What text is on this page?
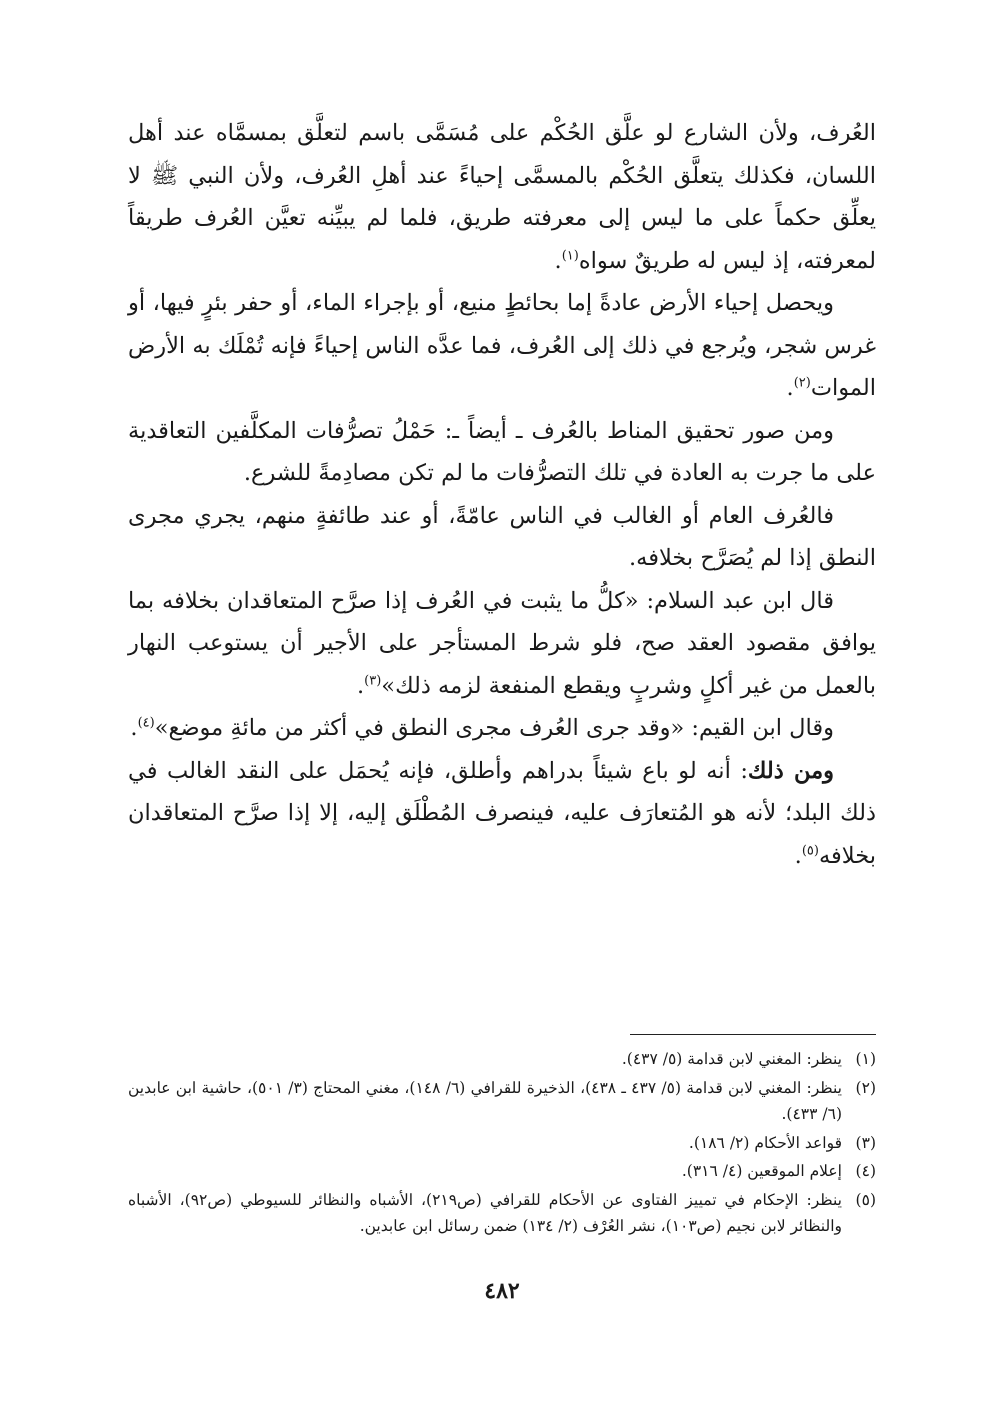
العُرف، ولأن الشارع لو علَّق الحُكْم على مُسَمَّى باسم لتعلَّق بمسمَّاه عند أهل اللسان، فكذلك يتعلَّق الحُكْم بالمسمَّى إحياءً عند أهلِ العُرف، ولأن النبي ﷺ لا يعلِّق حكماً على ما ليس إلى معرفته طريق، فلما لم يبيِّنه تعيَّن العُرف طريقاً لمعرفته، إذ ليس له طريقٌ سواه$^{(١)}$.

ويحصل إحياء الأرض عادةً إما بحائطٍ منيع، أو بإجراء الماء، أو حفر بئرٍ فيها، أو غرس شجر، ويُرجع في ذلك إلى العُرف، فما عدَّه الناس إحياءً فإنه تُمْلَك به الأرض الموات$^{(٢)}$.

ومن صور تحقيق المناط بالعُرف ـ أيضاً ـ: حَمْلُ تصرُّفات المكلَّفين التعاقدية على ما جرت به العادة في تلك التصرُّفات ما لم تكن مصادِمةً للشرع.

فالعُرف العام أو الغالب في الناس عامّةً، أو عند طائفةٍ منهم، يجري مجرى النطق إذا لم يُصَرَّح بخلافه.

قال ابن عبد السلام: «كلُّ ما يثبت في العُرف إذا صرَّح المتعاقدان بخلافه بما يوافق مقصود العقد صح، فلو شرط المستأجر على الأجير أن يستوعب النهار بالعمل من غير أكلٍ وشربٍ ويقطع المنفعة لزمه ذلك»$^{(٣)}$.

وقال ابن القيم: «وقد جرى العُرف مجرى النطق في أكثر من مائةِ موضع»$^{(٤)}$.

ومن ذلك: أنه لو باع شيئاً بدراهم وأطلق، فإنه يُحمَل على النقد الغالب في ذلك البلد؛ لأنه هو المُتعارَف عليه، فينصرف المُطْلَق إليه، إلا إذا صرَّح المتعاقدان بخلافه$^{(٥)}$.

(١)
ينظر: المغني لابن قدامة (٥/ ٤٣٧).
(٢)
ينظر: المغني لابن قدامة (٥/ ٤٣٧ ـ ٤٣٨)، الذخيرة للقرافي (٦/ ١٤٨)، مغني المحتاج (٣/ ٥٠١)، حاشية ابن عابدين (٦/ ٤٣٣).
(٣)
قواعد الأحكام (٢/ ١٨٦).
(٤)
إعلام الموقعين (٤/ ٣١٦).
(٥)
ينظر: الإحكام في تمييز الفتاوى عن الأحكام للقرافي (ص٢١٩)، الأشباه والنظائر للسيوطي (ص٩٢)، الأشباه والنظائر لابن نجيم (ص١٠٣)، نشر العُرْف (٢/ ١٣٤) ضمن رسائل ابن عابدين.
٤٨٢
